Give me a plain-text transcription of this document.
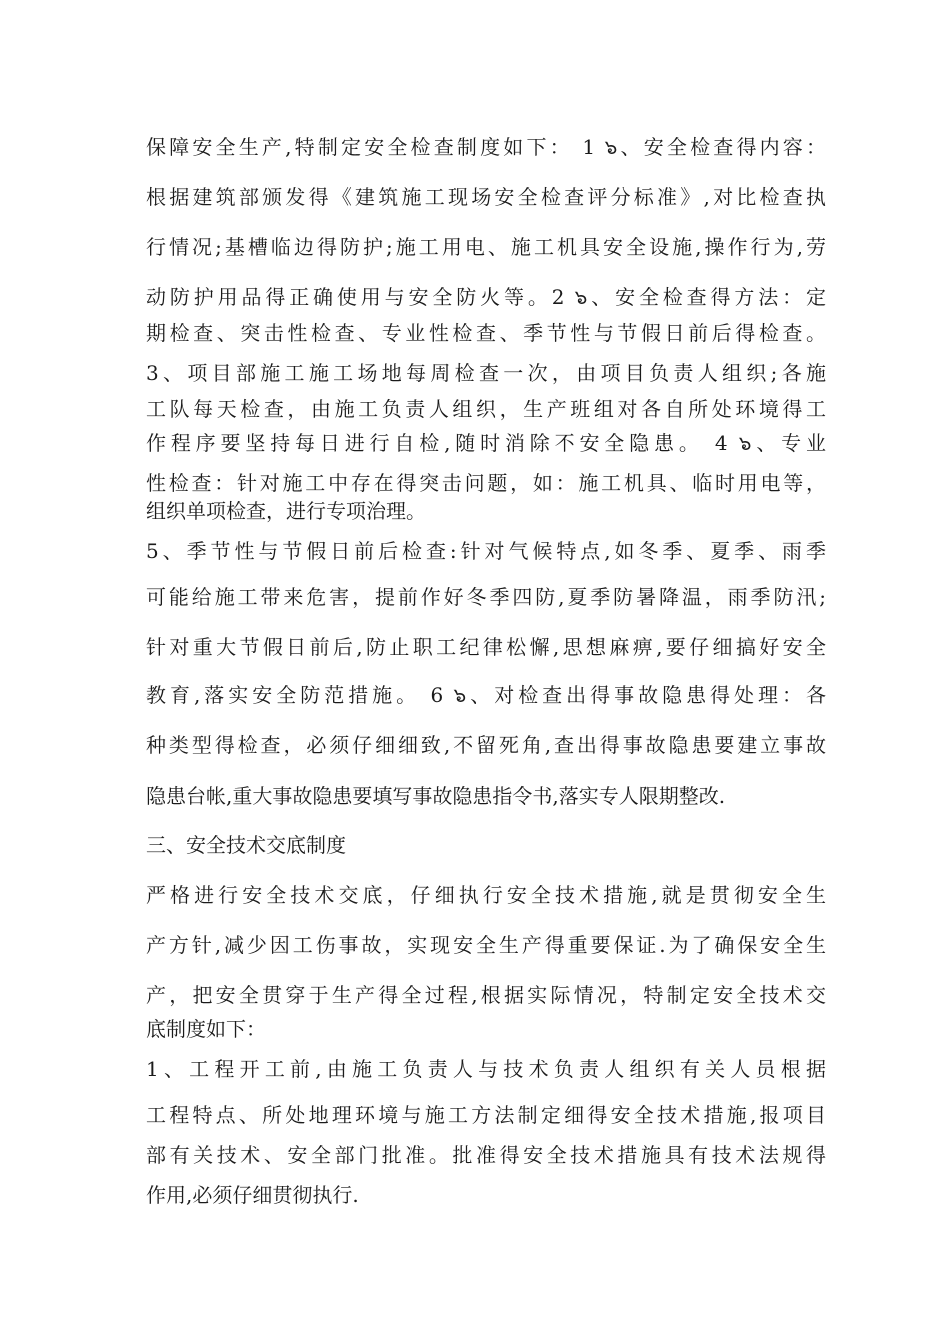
保障安全生产,特制定安全检查制度如下： 1 ๖、安全检查得内容：
根据建筑部颁发得《建筑施工现场安全检查评分标准》,对比检查执
行情况;基槽临边得防护;施工用电、施工机具安全设施,操作行为,劳
动防护用品得正确使用与安全防火等。2 ๖、安全检查得方法：定
期检查、突击性检查、专业性检查、季节性与节假日前后得检查。
3、项目部施工施工场地每周检查一次，由项目负责人组织;各施
工队每天检查，由施工负责人组织，生产班组对各自所处环境得工
作程序要坚持每日进行自检,随时消除不安全隐患。 4 ๖、专业
性检查：针对施工中存在得突击问题，如：施工机具、临时用电等，
组织单项检查，进行专项治理。
5、季节性与节假日前后检查:针对气候特点,如冬季、夏季、雨季
可能给施工带来危害，提前作好冬季四防,夏季防暑降温，雨季防汛;
针对重大节假日前后,防止职工纪律松懈,思想麻痹,要仔细搞好安全
教育,落实安全防范措施。 6 ๖、对检查出得事故隐患得处理：各
种类型得检查，必须仔细细致,不留死角,查出得事故隐患要建立事故
隐患台帐,重大事故隐患要填写事故隐患指令书,落实专人限期整改.
三、安全技术交底制度
严格进行安全技术交底，仔细执行安全技术措施,就是贯彻安全生
产方针,减少因工伤事故，实现安全生产得重要保证.为了确保安全生
产，把安全贯穿于生产得全过程,根据实际情况，特制定安全技术交
底制度如下：
1、工程开工前,由施工负责人与技术负责人组织有关人员根据
工程特点、所处地理环境与施工方法制定细得安全技术措施,报项目
部有关技术、安全部门批准。批准得安全技术措施具有技术法规得
作用,必须仔细贯彻执行.
